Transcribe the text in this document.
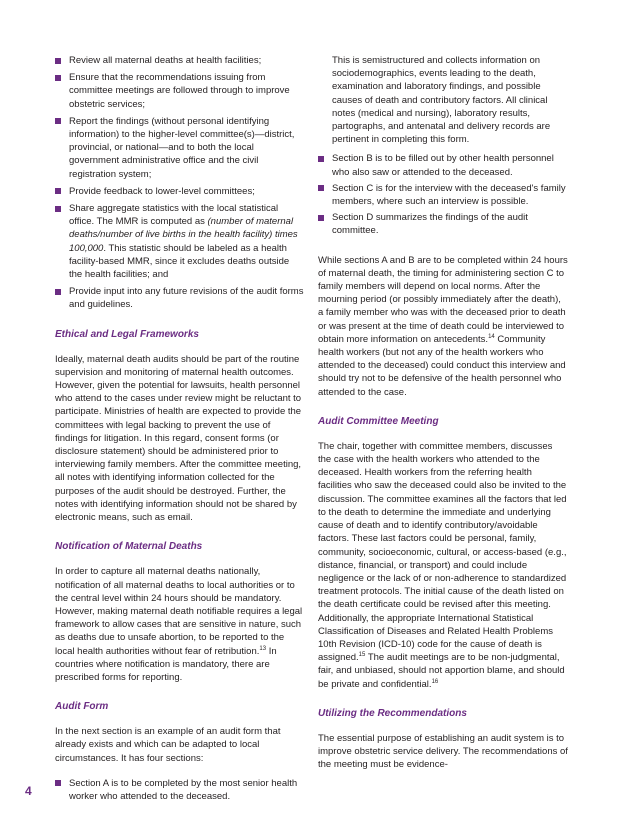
Review all maternal deaths at health facilities;
Ensure that the recommendations issuing from committee meetings are followed through to improve obstetric services;
Report the findings (without personal identifying information) to the higher-level committee(s)—district, provincial, or national—and to both the local government administrative office and the civil registration system;
Provide feedback to lower-level committees;
Share aggregate statistics with the local statistical office. The MMR is computed as (number of maternal deaths/number of live births in the health facility) times 100,000. This statistic should be labeled as a health facility-based MMR, since it excludes deaths outside the health facilities; and
Provide input into any future revisions of the audit forms and guidelines.
Ethical and Legal Frameworks

Ideally, maternal death audits should be part of the routine supervision and monitoring of maternal health outcomes. However, given the potential for lawsuits, health personnel who attend to the cases under review might be reluctant to participate. Ministries of health are expected to provide the committees with legal backing to prevent the use of findings for litigation. In this regard, consent forms (or disclosure statement) should be administered prior to interviewing family members. After the committee meeting, all notes with identifying information collected for the purposes of the audit should be destroyed. Further, the notes with identifying information should not be shared by electronic means, such as email.

Notification of Maternal Deaths

In order to capture all maternal deaths nationally, notification of all maternal deaths to local authorities or to the central level within 24 hours should be mandatory. However, making maternal death notifiable requires a legal framework to allow cases that are sensitive in nature, such as deaths due to unsafe abortion, to be reported to the local health authorities without fear of retribution.$^{13}$ In countries where notification is mandatory, there are prescribed forms for reporting.

Audit Form

In the next section is an example of an audit form that already exists and which can be adapted to local circumstances. It has four sections:

Section A is to be completed by the most senior health worker who attended to the deceased.

This is semistructured and collects information on sociodemographics, events leading to the death, examination and laboratory findings, and possible causes of death and contributory factors. All clinical notes (medical and nursing), laboratory results, partographs, and antenatal and delivery records are pertinent in completing this form.

Section B is to be filled out by other health personnel who also saw or attended to the deceased.
Section C is for the interview with the deceased's family members, where such an interview is possible.
Section D summarizes the findings of the audit committee.

While sections A and B are to be completed within 24 hours of maternal death, the timing for administering section C to family members will depend on local norms. After the mourning period (or possibly immediately after the death), a family member who was with the deceased prior to death or was present at the time of death could be interviewed to obtain more information on antecedents.$^{14}$ Community health workers (but not any of the health workers who attended to the deceased) could conduct this interview and should try not to be defensive of the health personnel who attended to the case.

Audit Committee Meeting

The chair, together with committee members, discusses the case with the health workers who attended to the deceased. Health workers from the referring health facilities who saw the deceased could also be invited to the discussion. The committee examines all the factors that led to the death to determine the immediate and underlying cause of death and to identify contributory/avoidable factors. These last factors could be personal, family, community, socioeconomic, cultural, or access-based (e.g., distance, financial, or transport) and could include negligence or the lack of or non-adherence to standardized treatment protocols. The initial cause of the death listed on the death certificate could be revised after this meeting. Additionally, the appropriate International Statistical Classification of Diseases and Related Health Problems 10th Revision (ICD-10) code for the cause of death is assigned.$^{15}$ The audit meetings are to be non-judgmental, fair, and unbiased, should not apportion blame, and should be private and confidential.$^{16}$

Utilizing the Recommendations

The essential purpose of establishing an audit system is to improve obstetric service delivery. The recommendations of the meeting must be evidence-

4
